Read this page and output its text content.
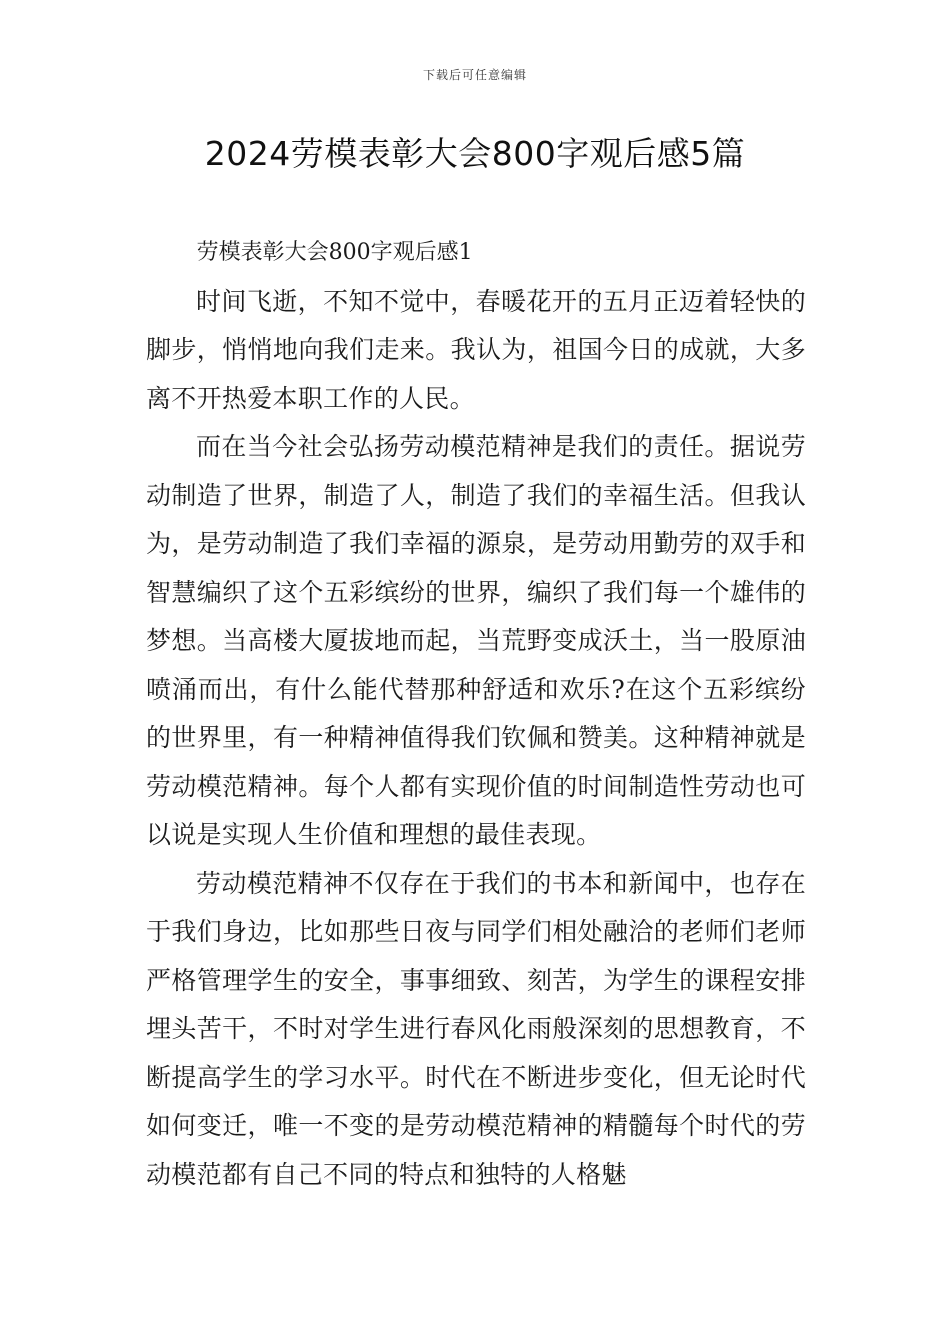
下载后可任意编辑
2024劳模表彰大会800字观后感5篇

劳模表彰大会800字观后感1

时间飞逝，不知不觉中，春暖花开的五月正迈着轻快的脚步，悄悄地向我们走来。我认为，祖国今日的成就，大多离不开热爱本职工作的人民。

而在当今社会弘扬劳动模范精神是我们的责任。据说劳动制造了世界，制造了人，制造了我们的幸福生活。但我认为，是劳动制造了我们幸福的源泉，是劳动用勤劳的双手和智慧编织了这个五彩缤纷的世界，编织了我们每一个雄伟的梦想。当高楼大厦拔地而起，当荒野变成沃土，当一股原油喷涌而出，有什么能代替那种舒适和欢乐?在这个五彩缤纷的世界里，有一种精神值得我们钦佩和赞美。这种精神就是劳动模范精神。每个人都有实现价值的时间制造性劳动也可以说是实现人生价值和理想的最佳表现。

劳动模范精神不仅存在于我们的书本和新闻中，也存在于我们身边，比如那些日夜与同学们相处融洽的老师们老师严格管理学生的安全，事事细致、刻苦，为学生的课程安排埋头苦干，不时对学生进行春风化雨般深刻的思想教育，不断提高学生的学习水平。时代在不断进步变化，但无论时代如何变迁，唯一不变的是劳动模范精神的精髓每个时代的劳动模范都有自己不同的特点和独特的人格魅
